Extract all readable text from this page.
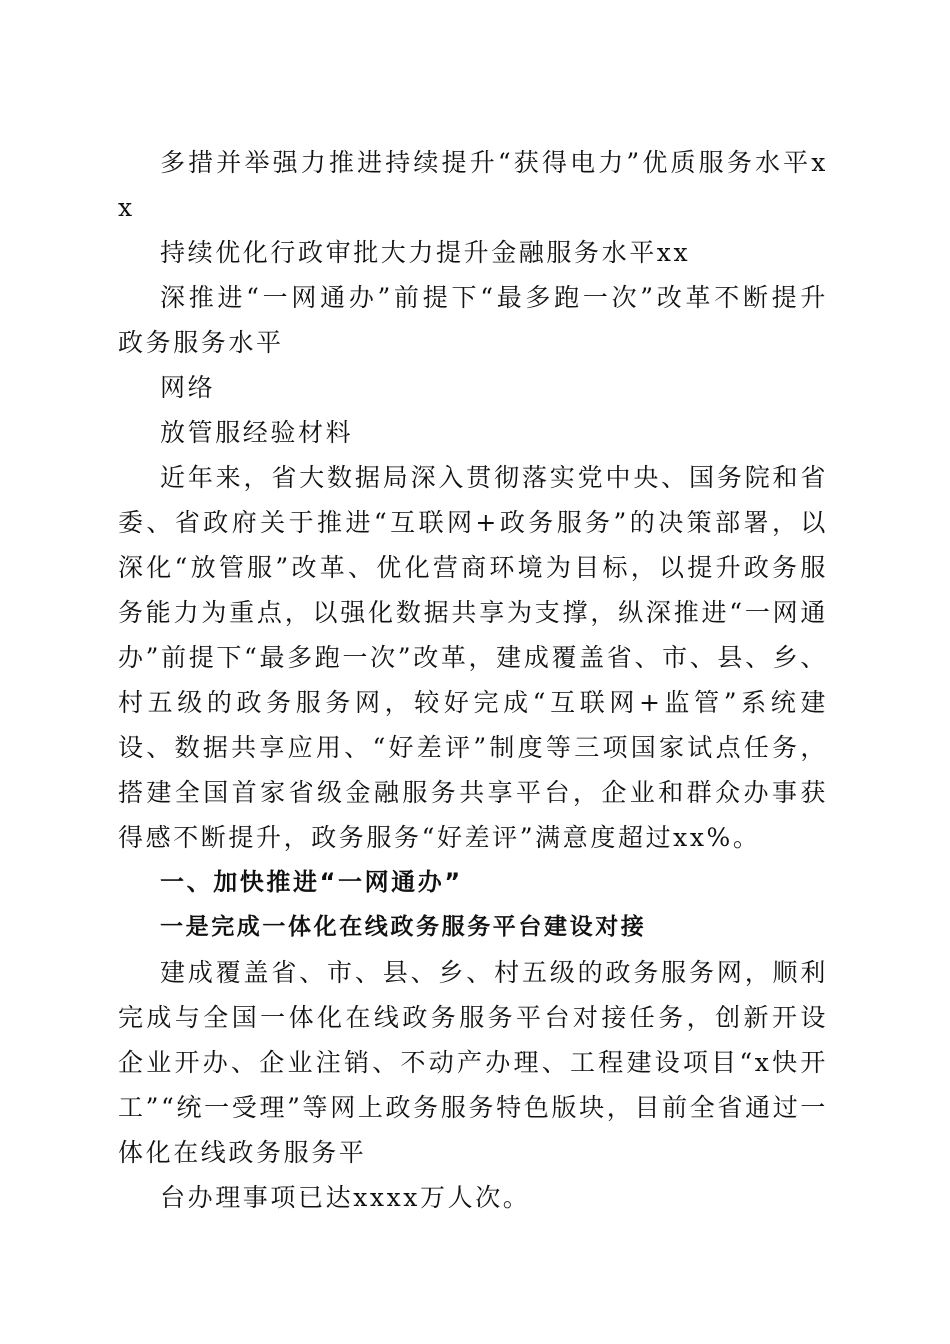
多措并举强力推进持续提升“获得电力”优质服务水平xx

持续优化行政审批大力提升金融服务水平xx

深推进“一网通办”前提下“最多跑一次”改革不断提升政务服务水平

网络

放管服经验材料

近年来，省大数据局深入贯彻落实党中央、国务院和省委、省政府关于推进“互联网+政务服务”的决策部署，以深化“放管服”改革、优化营商环境为目标，以提升政务服务能力为重点，以强化数据共享为支撑，纵深推进“一网通办”前提下“最多跑一次”改革，建成覆盖省、市、县、乡、村五级的政务服务网，较好完成“互联网+监管”系统建设、数据共享应用、“好差评”制度等三项国家试点任务，搭建全国首家省级金融服务共享平台，企业和群众办事获得感不断提升，政务服务“好差评”满意度超过xx%。

一、加快推进“一网通办”

一是完成一体化在线政务服务平台建设对接

建成覆盖省、市、县、乡、村五级的政务服务网，顺利完成与全国一体化在线政务服务平台对接任务，创新开设企业开办、企业注销、不动产办理、工程建设项目“x快开工”“统一受理”等网上政务服务特色版块，目前全省通过一体化在线政务服务平

台办理事项已达xxxx万人次。
